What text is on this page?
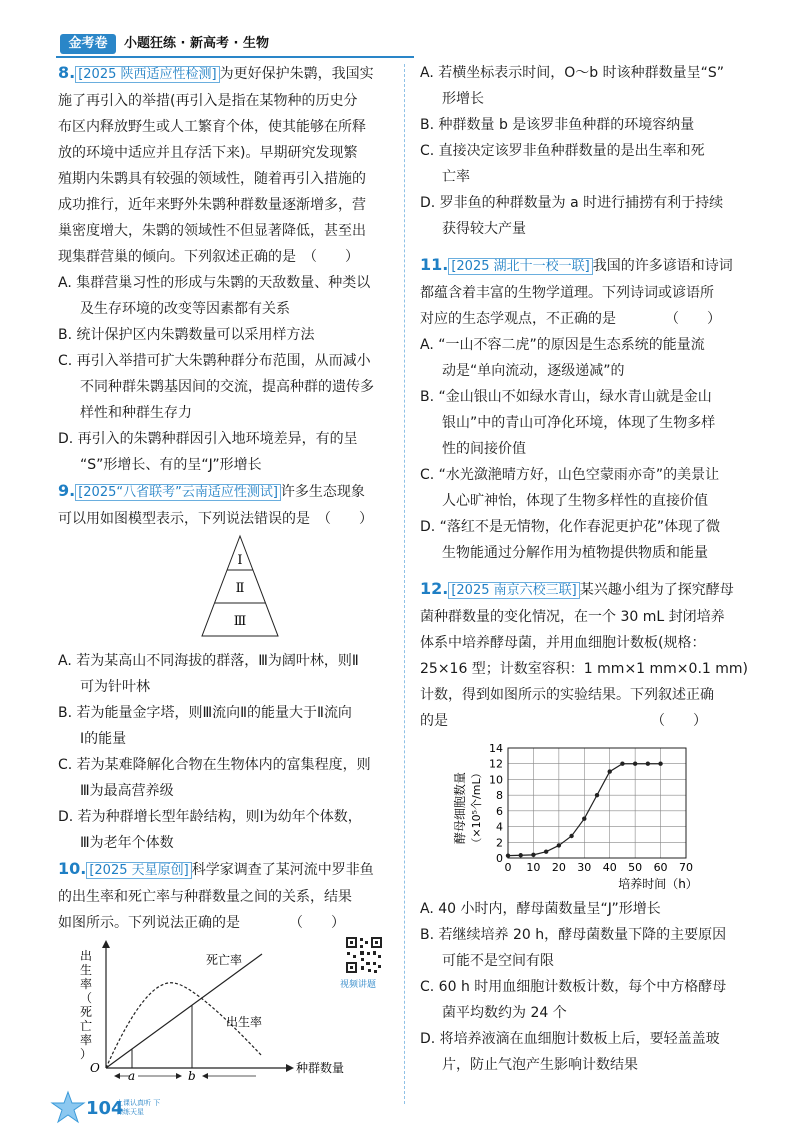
金考卷	小题狂练 · 新高考 · 生物
8. [2025 陕西适应性检测] 为更好保护朱鹮，我国实
施了再引入的举措(再引入是指在某物种的历史分
布区内释放野生或人工繁育个体，使其能够在所释
放的环境中适应并且存活下来)。早期研究发现繁
殖期内朱鹮具有较强的领域性，随着再引入措施的
成功推行，近年来野外朱鹮种群数量逐渐增多，营
巢密度增大，朱鹮的领域性不但显著降低，甚至出
现集群营巢的倾向。下列叙述正确的是　（　　）
A. 集群营巢习性的形成与朱鹮的天敌数量、种类以
及生存环境的改变等因素都有关系
B. 统计保护区内朱鹮数量可以采用样方法
C. 再引入举措可扩大朱鹮种群分布范围，从而减小
不同种群朱鹮基因间的交流，提高种群的遗传多
样性和种群生存力
D. 再引入的朱鹮种群因引入地环境差异，有的呈
“S”形增长、有的呈“J”形增长
9. [2025“八省联考”云南适应性测试] 许多生态现象
可以用如图模型表示，下列说法错误的是　（　　）
Ⅰ
Ⅱ
Ⅲ
A. 若为某高山不同海拔的群落，Ⅲ为阔叶林，则Ⅱ
可为针叶林
B. 若为能量金字塔，则Ⅲ流向Ⅱ的能量大于Ⅱ流向
Ⅰ的能量
C. 若为某难降解化合物在生物体内的富集程度，则
Ⅲ为最高营养级
D. 若为种群增长型年龄结构，则Ⅰ为幼年个体数，
Ⅲ为老年个体数
10. [2025 天星原创] 科学家调查了某河流中罗非鱼
的出生率和死亡率与种群数量之间的关系，结果
如图所示。下列说法正确的是　　　　（　　）
出生率（死亡率）
死亡率
出生率
O
a	b
种群数量
视频讲题
A. 若横坐标表示时间，O～b 时该种群数量呈“S”
形增长
B. 种群数量 b 是该罗非鱼种群的环境容纳量
C. 直接决定该罗非鱼种群数量的是出生率和死
亡率
D. 罗非鱼的种群数量为 a 时进行捕捞有利于持续
获得较大产量
11. [2025 湖北十一校一联] 我国的许多谚语和诗词
都蕴含着丰富的生物学道理。下列诗词或谚语所
对应的生态学观点，不正确的是　　　　（　　）
A. “一山不容二虎”的原因是生态系统的能量流
动是“单向流动，逐级递减”的
B. “金山银山不如绿水青山，绿水青山就是金山
银山”中的青山可净化环境，体现了生物多样
性的间接价值
C. “水光潋滟晴方好，山色空蒙雨亦奇”的美景让
人心旷神怡，体现了生物多样性的直接价值
D. “落红不是无情物，化作春泥更护花”体现了微
生物能通过分解作用为植物提供物质和能量
12. [2025 南京六校三联] 某兴趣小组为了探究酵母
菌种群数量的变化情况，在一个 30 mL 封闭培养
体系中培养酵母菌，并用血细胞计数板(规格：
25×16 型；计数室容积：1 mm×1 mm×0.1 mm)
计数，得到如图所示的实验结果。下列叙述正确
的是　　　　　　　　　　　　　　　（　　）
0 10 20 30 40 50 60 70
0
2
4
6
8
10
12
14
酵母细胞数量 （×10⁵个/mL）
培养时间（h）
A. 40 小时内，酵母菌数量呈“J”形增长
B. 若继续培养 20 h，酵母菌数量下降的主要原因
可能不是空间有限
C. 60 h 时用血细胞计数板计数，每个中方格酵母
菌平均数约为 24 个
D. 将培养液滴在血细胞计数板上后，要轻盖盖玻
片，防止气泡产生影响计数结果
104
上课认真听 下课练天星
